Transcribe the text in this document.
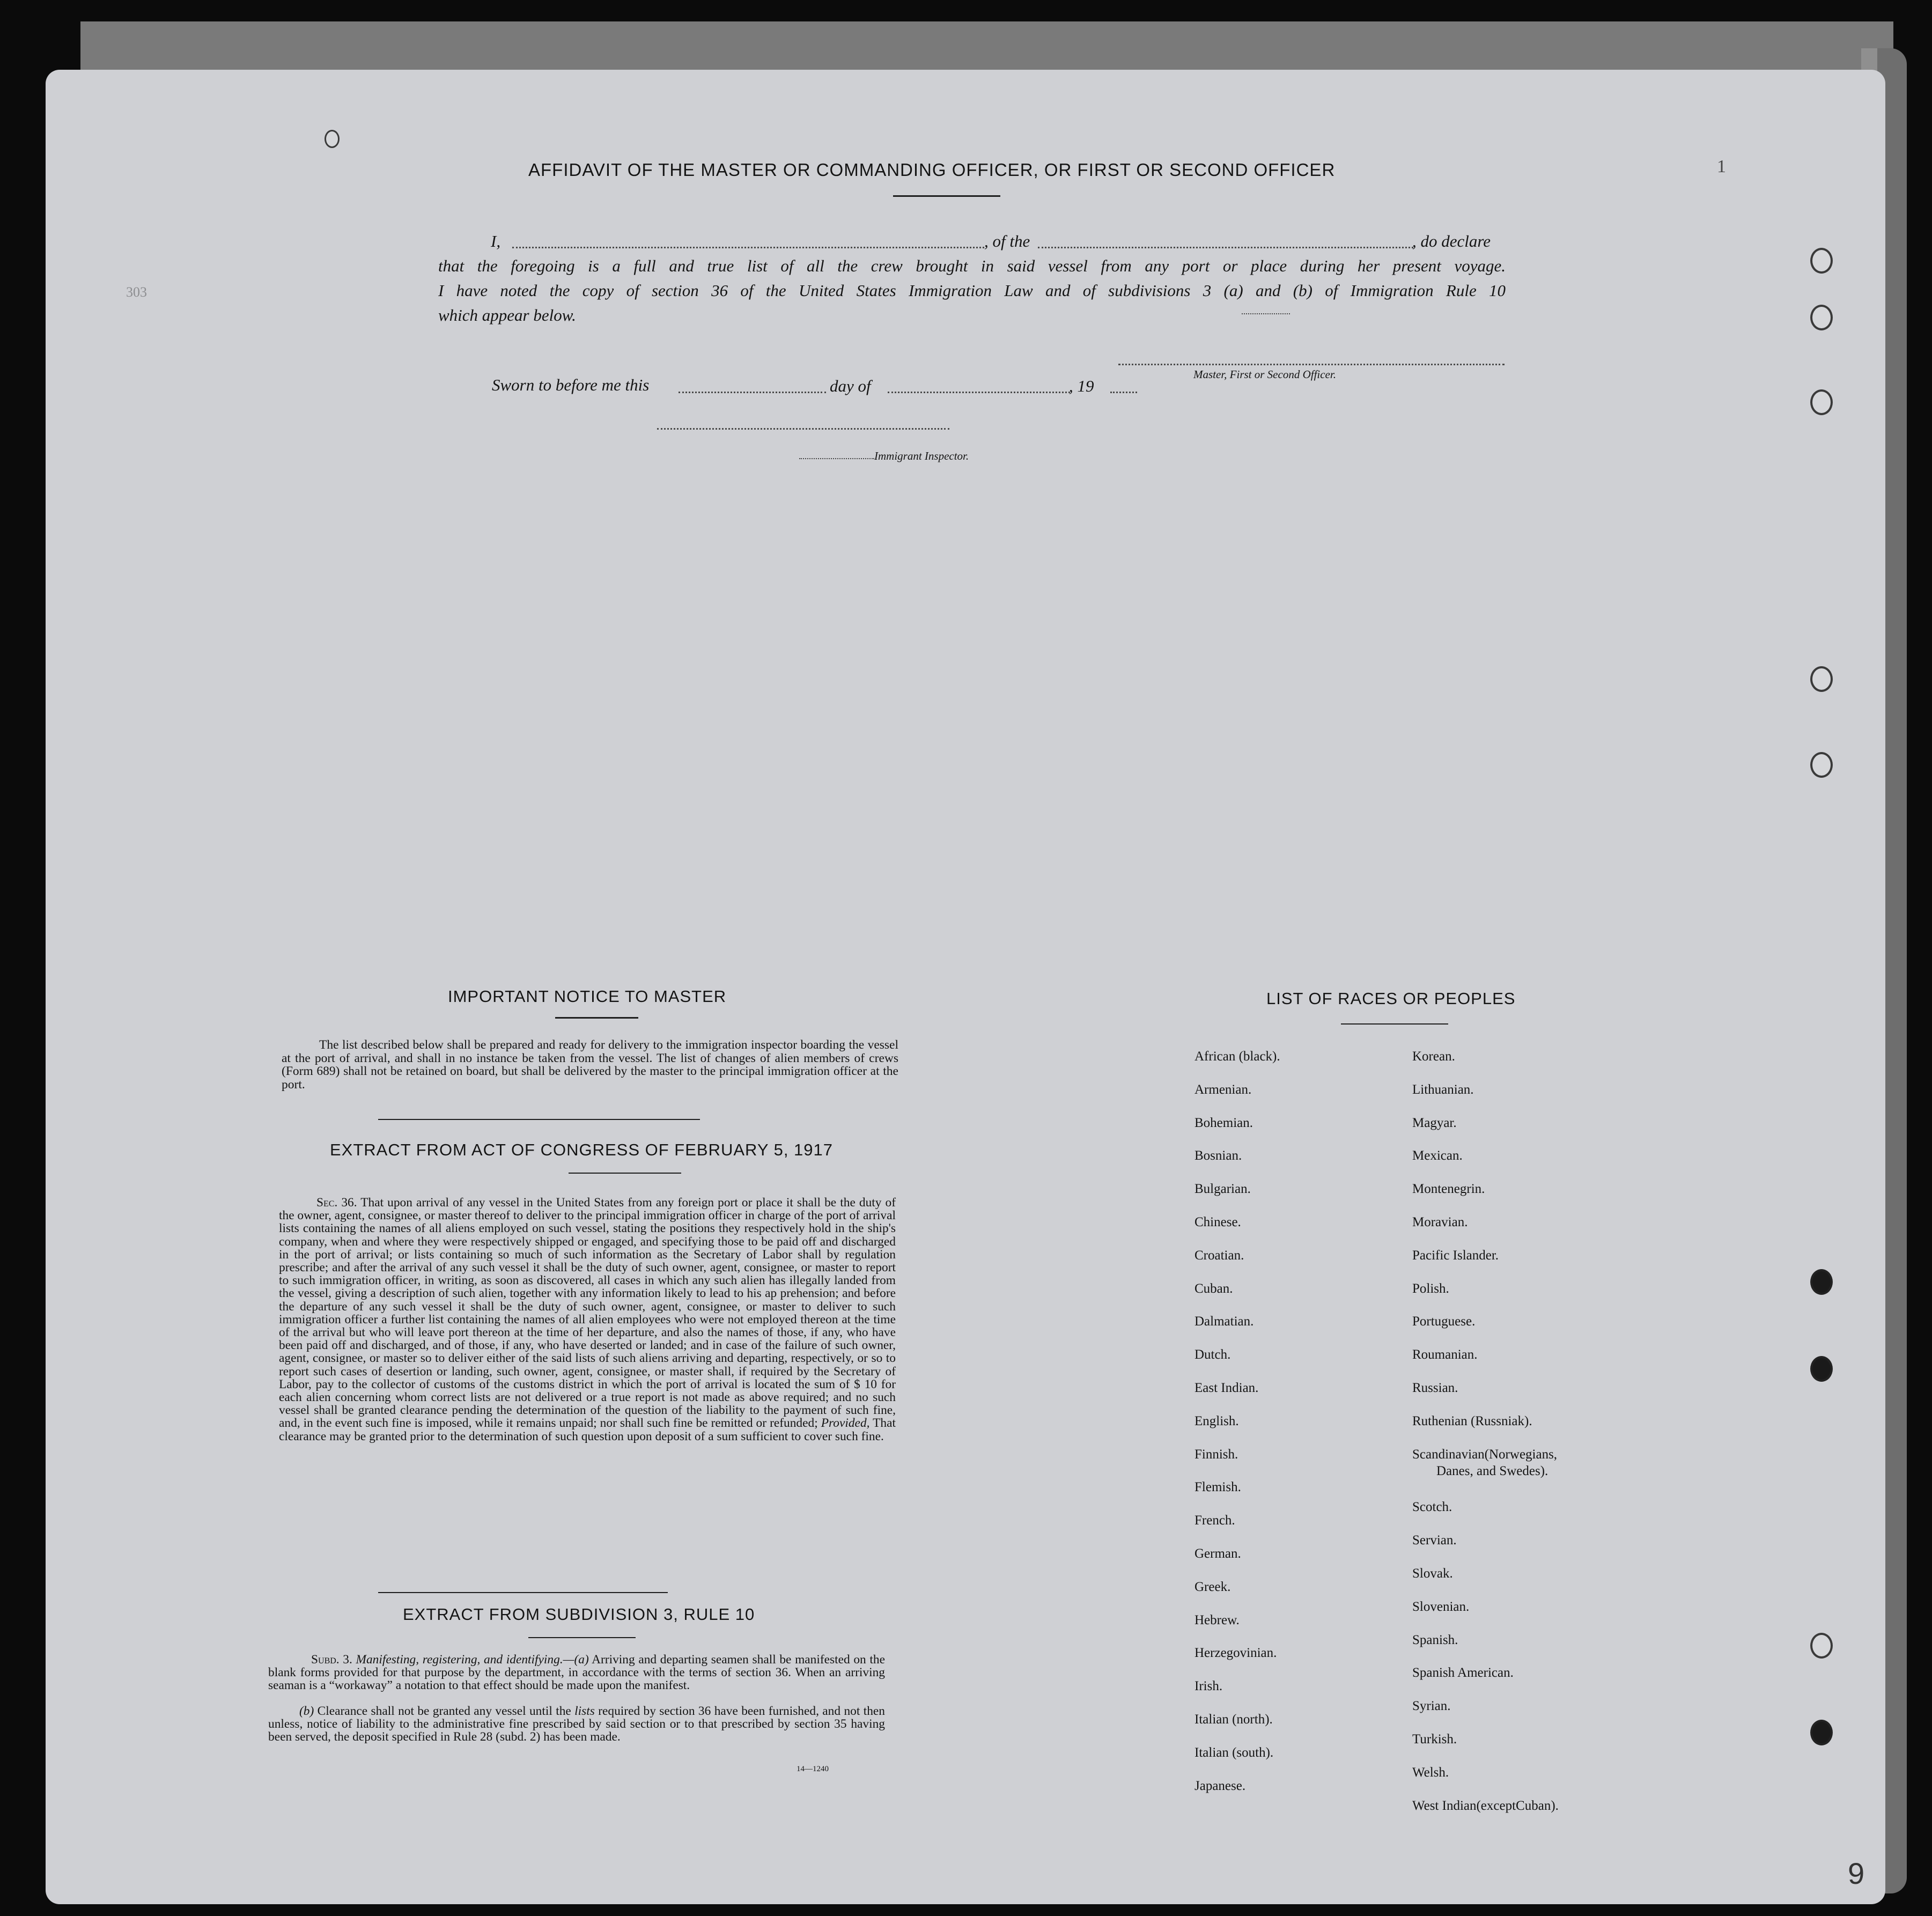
AFFIDAVIT OF THE MASTER OR COMMANDING OFFICER, OR FIRST OR SECOND OFFICER
I,	, of the	, do declare
that the foregoing is a full and true list of all the crew brought in said vessel from any port or place during her present voyage.
I have noted the copy of section 36 of the United States Immigration Law and of subdivisions 3 (a) and (b) of Immigration Rule 10
which appear below.
Master, First or Second Officer.
Sworn to before me this	day of	, 19
Immigrant Inspector.
IMPORTANT NOTICE TO MASTER

The list described below shall be prepared and ready for delivery to the immigration inspector boarding the vessel at the port of arrival, and shall in no instance be taken from the vessel. The list of changes of alien members of crews (Form 689) shall not be retained on board, but shall be delivered by the master to the principal immigration officer at the port.

EXTRACT FROM ACT OF CONGRESS OF FEBRUARY 5, 1917

Sec. 36. That upon arrival of any vessel in the United States from any foreign port or place it shall be the duty of the owner, agent, consignee, or master thereof to deliver to the principal immigration officer in charge of the port of arrival lists containing the names of all aliens employed on such vessel, stating the positions they respectively hold in the ship's company, when and where they were respectively shipped or engaged, and specifying those to be paid off and discharged in the port of arrival; or lists containing so much of such information as the Secretary of Labor shall by regulation prescribe; and after the arrival of any such vessel it shall be the duty of such owner, agent, consignee, or master to report to such immigration officer, in writing, as soon as discovered, all cases in which any such alien has illegally landed from the vessel, giving a description of such alien, together with any information likely to lead to his ap prehension; and before the departure of any such vessel it shall be the duty of such owner, agent, consignee, or master to deliver to such immigration officer a further list containing the names of all alien employees who were not employed thereon at the time of the arrival but who will leave port thereon at the time of her departure, and also the names of those, if any, who have been paid off and discharged, and of those, if any, who have deserted or landed; and in case of the failure of such owner, agent, consignee, or master so to deliver either of the said lists of such aliens arriving and departing, respectively, or so to report such cases of desertion or landing, such owner, agent, consignee, or master shall, if required by the Secretary of Labor, pay to the collector of customs of the customs district in which the port of arrival is located the sum of $ 10 for each alien concerning whom correct lists are not delivered or a true report is not made as above required; and no such vessel shall be granted clearance pending the determination of the question of the liability to the payment of such fine, and, in the event such fine is imposed, while it remains unpaid; nor shall such fine be remitted or refunded; Provided, That clearance may be granted prior to the determination of such question upon deposit of a sum sufficient to cover such fine.

EXTRACT FROM SUBDIVISION 3, RULE 10

Subd. 3. Manifesting, registering, and identifying.—(a) Arriving and departing seamen shall be manifested on the blank forms provided for that purpose by the department, in accordance with the terms of section 36. When an arriving seaman is a “workaway” a notation to that effect should be made upon the manifest.

(b) Clearance shall not be granted any vessel until the lists required by section 36 have been furnished, and not then unless, notice of liability to the administrative fine prescribed by said section or to that prescribed by section 35 having been served, the deposit specified in Rule 28 (subd. 2) has been made.

14—1240
LIST OF RACES OR PEOPLES
African (black).
Armenian.
Bohemian.
Bosnian.
Bulgarian.
Chinese.
Croatian.
Cuban.
Dalmatian.
Dutch.
East Indian.
English.
Finnish.
Flemish.
French.
German.
Greek.
Hebrew.
Herzegovinian.
Irish.
Italian (north).
Italian (south).
Japanese.
Korean.
Lithuanian.
Magyar.
Mexican.
Montenegrin.
Moravian.
Pacific Islander.
Polish.
Portuguese.
Roumanian.
Russian.
Ruthenian (Russniak).
Scandinavian(Norwegians,
Danes, and Swedes).
Scotch.
Servian.
Slovak.
Slovenian.
Spanish.
Spanish American.
Syrian.
Turkish.
Welsh.
West Indian(exceptCuban).
303
1
9
